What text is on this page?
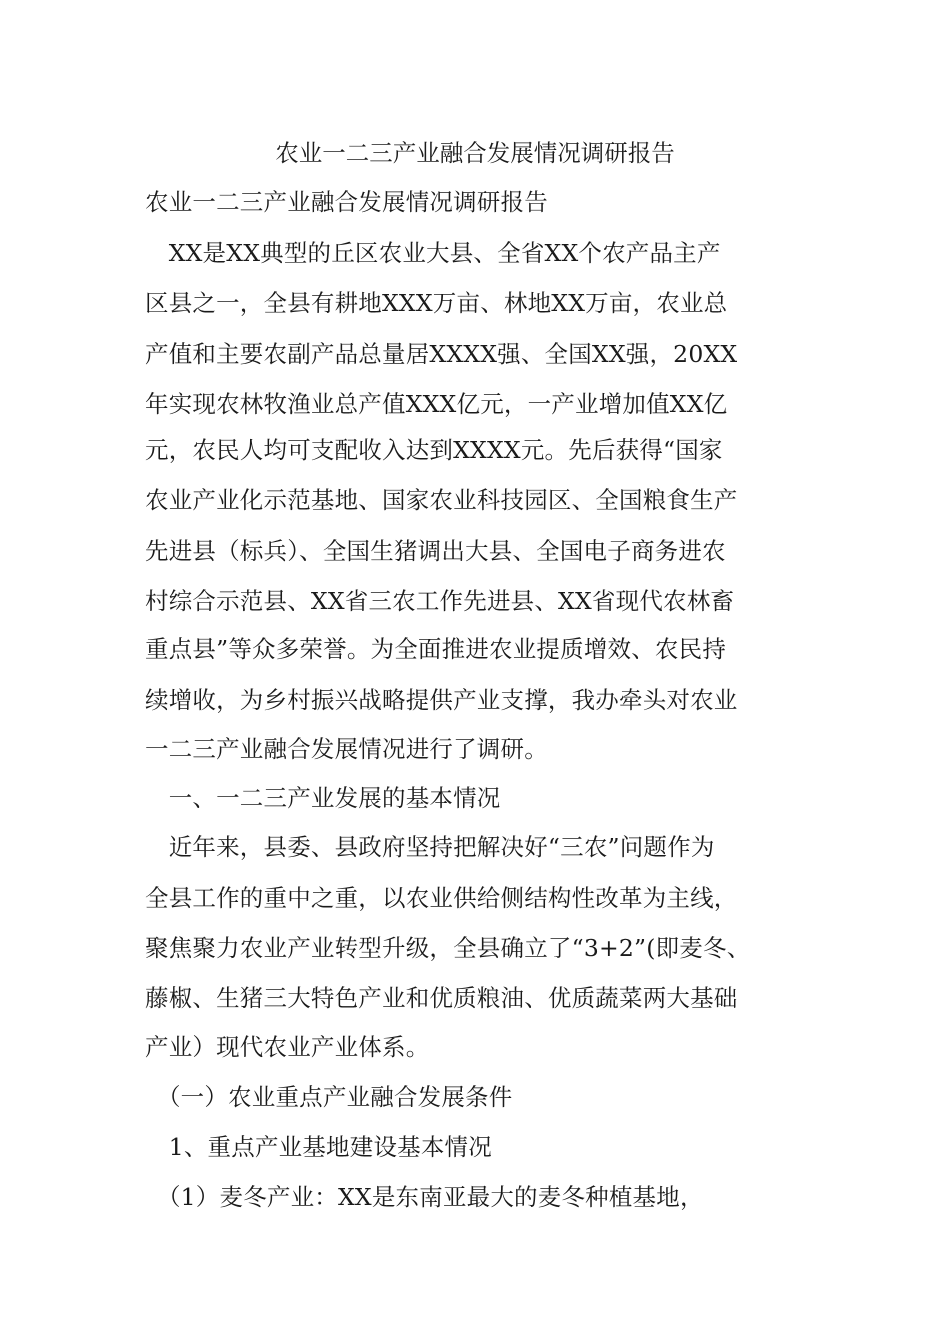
农业一二三产业融合发展情况调研报告
农业一二三产业融合发展情况调研报告
　XX是XX典型的丘区农业大县、全省XX个农产品主产
区县之一，全县有耕地XXX万亩、林地XX万亩，农业总
产值和主要农副产品总量居XXXX强、全国XX强，20XX
年实现农林牧渔业总产值XXX亿元，一产业增加值XX亿
元，农民人均可支配收入达到XXXX元。先后获得“国家
农业产业化示范基地、国家农业科技园区、全国粮食生产
先进县（标兵）、全国生猪调出大县、全国电子商务进农
村综合示范县、XX省三农工作先进县、XX省现代农林畜
重点县”等众多荣誉。为全面推进农业提质增效、农民持
续增收，为乡村振兴战略提供产业支撑，我办牵头对农业
一二三产业融合发展情况进行了调研。
　一、一二三产业发展的基本情况
　近年来，县委、县政府坚持把解决好“三农”问题作为
全县工作的重中之重，以农业供给侧结构性改革为主线，
聚焦聚力农业产业转型升级，全县确立了“3+2”(即麦冬、
藤椒、生猪三大特色产业和优质粮油、优质蔬菜两大基础
产业）现代农业产业体系。
　（一）农业重点产业融合发展条件
　1、重点产业基地建设基本情况
　（1）麦冬产业：XX是东南亚最大的麦冬种植基地，
